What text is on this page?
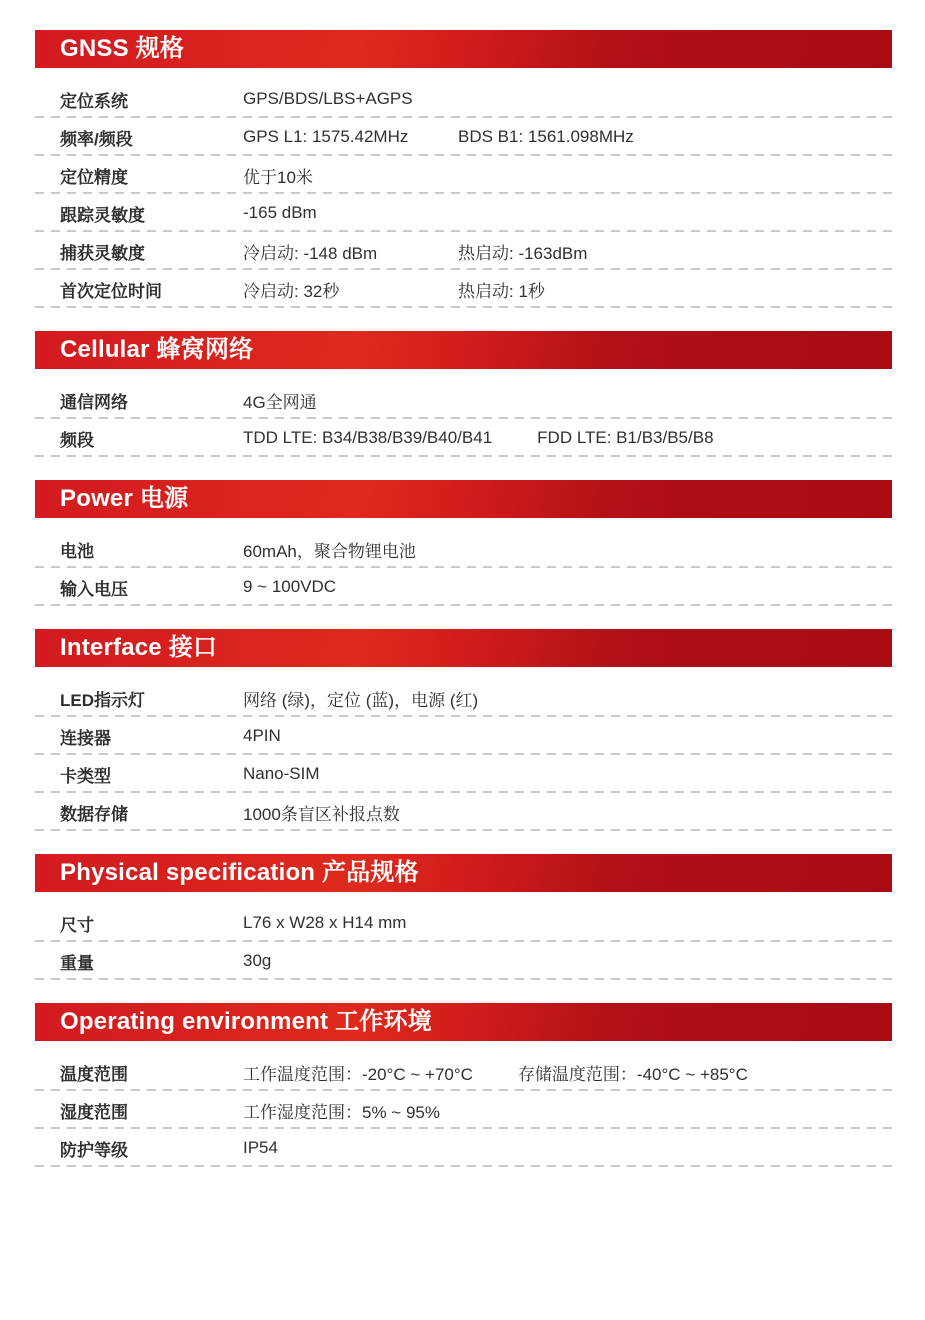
GNSS 规格
定位系统	GPS/BDS/LBS+AGPS
频率/频段	GPS L1: 1575.42MHz	BDS B1: 1561.098MHz
定位精度	优于10米
跟踪灵敏度	-165 dBm
捕获灵敏度	冷启动: -148 dBm	热启动: -163dBm
首次定位时间	冷启动: 32秒	热启动: 1秒
Cellular 蜂窝网络
通信网络	4G全网通
频段	TDD LTE: B34/B38/B39/B40/B41	FDD LTE: B1/B3/B5/B8
Power 电源
电池	60mAh，聚合物锂电池
输入电压	9 ~ 100VDC
Interface 接口
LED指示灯	网络 (绿)，定位 (蓝)，电源 (红)
连接器	4PIN
卡类型	Nano-SIM
数据存储	1000条盲区补报点数
Physical specification 产品规格
尺寸	L76 x W28 x H14 mm
重量	30g
Operating environment 工作环境
温度范围	工作温度范围：-20°C ~ +70°C	存储温度范围：-40°C ~ +85°C
湿度范围	工作湿度范围：5% ~ 95%
防护等级	IP54
